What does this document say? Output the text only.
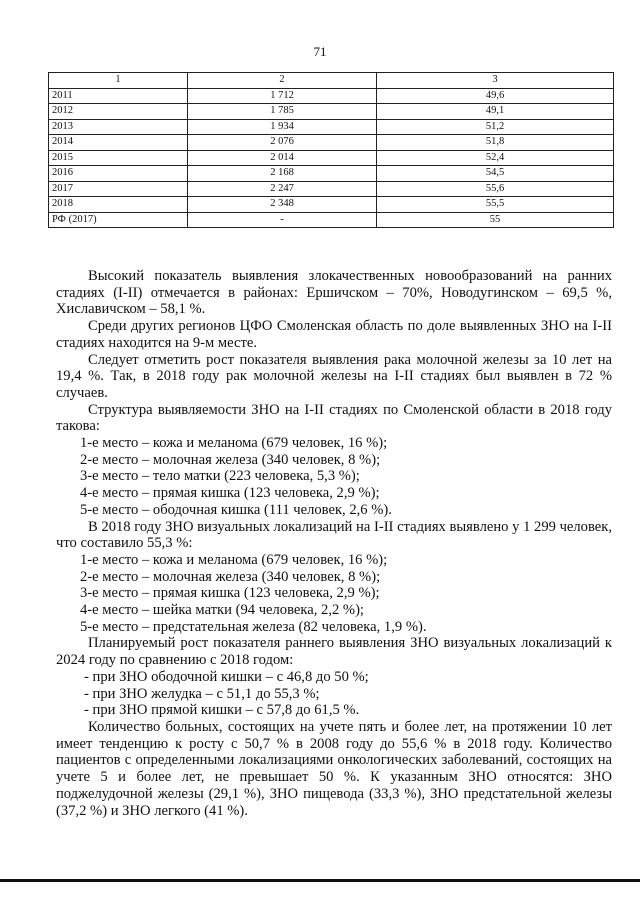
71
1	2	3
2011	1 712	49,6
2012	1 785	49,1
2013	1 934	51,2
2014	2 076	51,8
2015	2 014	52,4
2016	2 168	54,5
2017	2 247	55,6
2018	2 348	55,5
РФ (2017)	-	55

Высокий показатель выявления злокачественных новообразований на ранних стадиях (I-II) отмечается в районах: Ершичском – 70%, Новодугинском – 69,5 %, Хиславичском – 58,1 %.

Среди других регионов ЦФО Смоленская область по доле выявленных ЗНО на I-II стадиях находится на 9-м месте.

Следует отметить рост показателя выявления рака молочной железы за 10 лет на 19,4 %. Так, в 2018 году рак молочной железы на I-II стадиях был выявлен в 72 % случаев.

Структура выявляемости ЗНО на I-II стадиях по Смоленской области в 2018 году такова:

1-е место – кожа и меланома (679 человек, 16 %);

2-е место – молочная железа (340 человек, 8 %);

3-е место – тело матки (223 человека, 5,3 %);

4-е место – прямая кишка (123 человека, 2,9 %);

5-е место – ободочная кишка (111 человек, 2,6 %).

В 2018 году ЗНО визуальных локализаций на I-II стадиях выявлено у 1 299 человек, что составило 55,3 %:

1-е место – кожа и меланома (679 человек, 16 %);

2-е место – молочная железа (340 человек, 8 %);

3-е место – прямая кишка (123 человека, 2,9 %);

4-е место – шейка матки (94 человека, 2,2 %);

5-е место – предстательная железа (82 человека, 1,9 %).

Планируемый рост показателя раннего выявления ЗНО визуальных локализаций к 2024 году по сравнению с 2018 годом:

- при ЗНО ободочной кишки – с 46,8 до 50 %;

- при ЗНО желудка – с 51,1 до 55,3 %;

- при ЗНО прямой кишки – с 57,8 до 61,5 %.

Количество больных, состоящих на учете пять и более лет, на протяжении 10 лет имеет тенденцию к росту с 50,7 % в 2008 году до 55,6 % в 2018 году. Количество пациентов с определенными локализациями онкологических заболеваний, состоящих на учете 5 и более лет, не превышает 50 %. К указанным ЗНО относятся: ЗНО поджелудочной железы (29,1 %), ЗНО пищевода (33,3 %), ЗНО предстательной железы (37,2 %) и ЗНО легкого (41 %).
